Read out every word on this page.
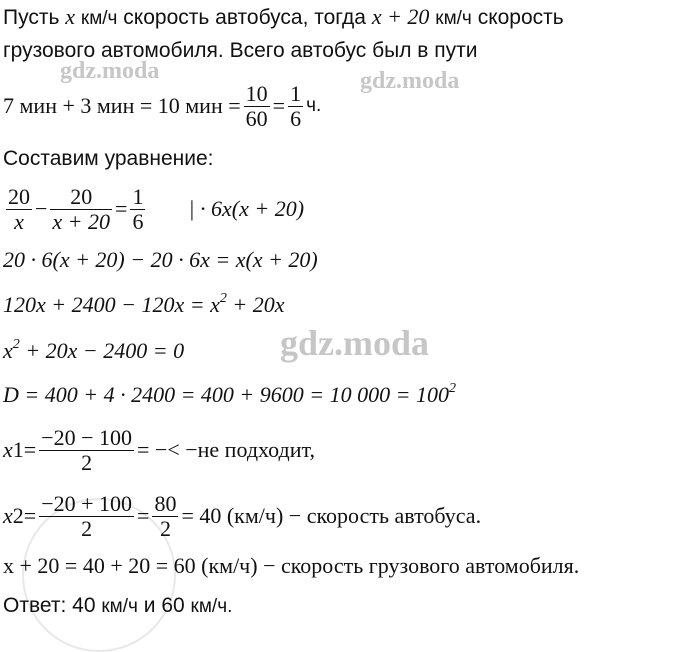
gdz.moda	gdz.moda
gdz.moda
Пусть x км/ч скорость автобуса, тогда x + 20 км/ч скорость
грузового автомобиля. Всего автобус был в пути
7 мин + 3 мин = 10 мин = $\frac{10}{60} = \frac{1}{6} ч$.
Составим уравнение:
$\frac{20}{x} - \frac{20}{x + 20} = \frac{1}{6}$ | · 6x(x + 20)
20 · 6(x + 20) − 20 · 6x = x(x + 20)
$120x + 2400 - 120x = x^2 + 20x$
$x^2 + 20x - 2400 = 0$
D = 400 + 4 · 2400 = 400 + 9600 = 10 $000 = 100^2$
x $1 = \frac{-20 - 100}{2}$ = −< −не подходит,
x $2 = \frac{-20 + 100}{2} = \frac{80}{2} = 40$ (км/ч) − скорость автобуса.
x + 20 = 40 + 20 = 60 (км/ч) − скорость грузового автомобиля.
Ответ: 40 км/ч и 60 км/ч.
